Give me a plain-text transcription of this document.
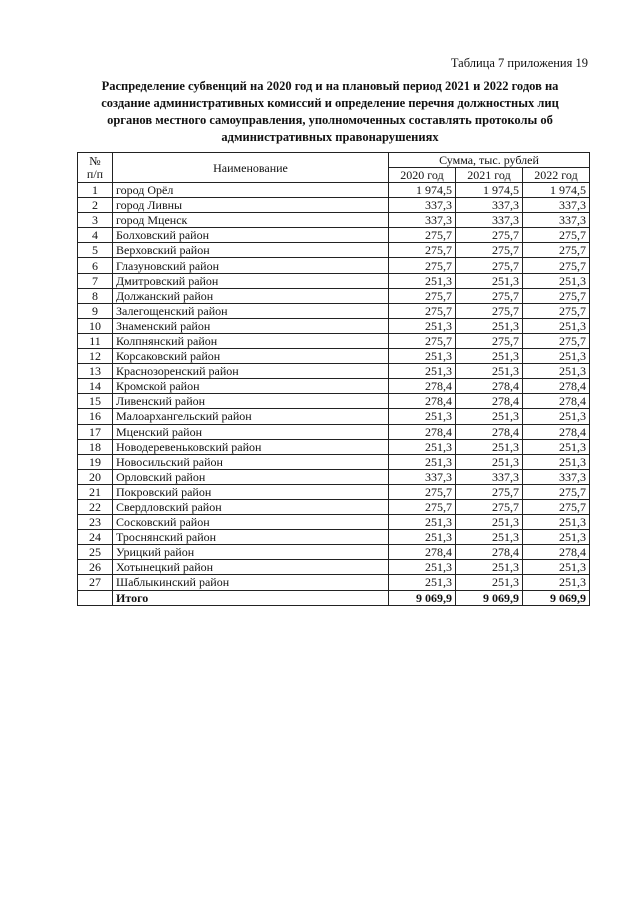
Таблица 7 приложения 19
Распределение субвенций на 2020 год и на плановый период 2021 и 2022 годов на
создание административных комиссий и определение перечня должностных лиц
органов местного самоуправления, уполномоченных составлять протоколы об
административных правонарушениях
№
п/п	Наименование	Сумма, тыс. рублей		
		2020 год	2021 год	2022 год
1	город Орёл	1 974,5	1 974,5	1 974,5
2	город Ливны	337,3	337,3	337,3
3	город Мценск	337,3	337,3	337,3
4	Болховский район	275,7	275,7	275,7
5	Верховский район	275,7	275,7	275,7
6	Глазуновский район	275,7	275,7	275,7
7	Дмитровский район	251,3	251,3	251,3
8	Должанский район	275,7	275,7	275,7
9	Залегощенский район	275,7	275,7	275,7
10	Знаменский район	251,3	251,3	251,3
11	Колпнянский район	275,7	275,7	275,7
12	Корсаковский район	251,3	251,3	251,3
13	Краснозоренский район	251,3	251,3	251,3
14	Кромской район	278,4	278,4	278,4
15	Ливенский район	278,4	278,4	278,4
16	Малоархангельский район	251,3	251,3	251,3
17	Мценский район	278,4	278,4	278,4
18	Новодеревеньковский район	251,3	251,3	251,3
19	Новосильский район	251,3	251,3	251,3
20	Орловский район	337,3	337,3	337,3
21	Покровский район	275,7	275,7	275,7
22	Свердловский район	275,7	275,7	275,7
23	Сосковский район	251,3	251,3	251,3
24	Троснянский район	251,3	251,3	251,3
25	Урицкий район	278,4	278,4	278,4
26	Хотынецкий район	251,3	251,3	251,3
27	Шаблыкинский район	251,3	251,3	251,3
	Итого	9 069,9	9 069,9	9 069,9
